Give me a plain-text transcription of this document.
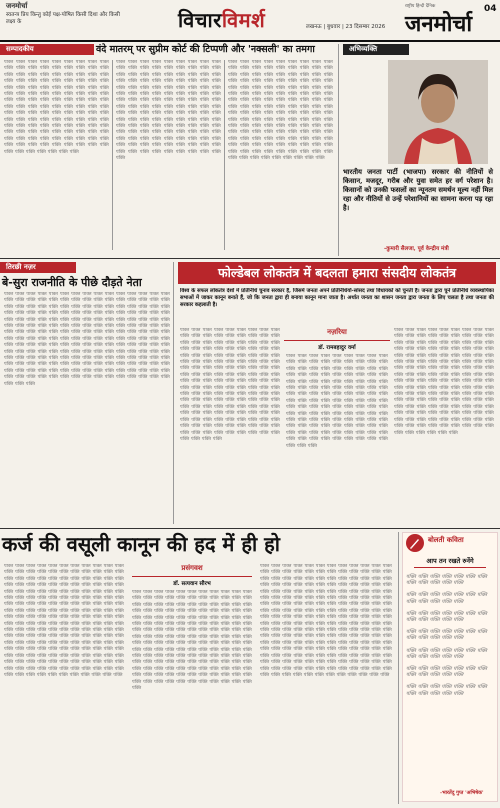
जनमोर्चा
स्वतन्त्र प्रिय किन्तु कोई पक्ष-पोषित किसी दिशा और किसी लक्ष्य के	विचारविमर्श	लखनऊ | बुधवार | 23 दिसम्बर 2026
राष्ट्रीय हिन्दी दैनिक
जनमोर्चा
04
सम्पादकीय	वंदे मातरम् पर सुप्रीम कोर्ट की टिप्पणी और 'नक्सली' का तमगा
पंक्ति पंक्ति पंक्ति पंक्ति पंक्ति पंक्ति पंक्ति पंक्ति पंक्ति पंक्ति पंक्ति पंक्ति पंक्ति पंक्ति पंक्ति पंक्ति पंक्ति पंक्ति पंक्ति पंक्ति पंक्ति पंक्ति पंक्ति पंक्ति पंक्ति पंक्ति पंक्ति पंक्ति पंक्ति पंक्ति पंक्ति पंक्ति पंक्ति पंक्ति पंक्ति पंक्ति पंक्ति पंक्ति पंक्ति पंक्ति पंक्ति पंक्ति पंक्ति पंक्ति पंक्ति पंक्ति पंक्ति पंक्ति पंक्ति पंक्ति पंक्ति पंक्ति पंक्ति पंक्ति पंक्ति पंक्ति पंक्ति पंक्ति पंक्ति पंक्ति पंक्ति पंक्ति पंक्ति पंक्ति पंक्ति पंक्ति पंक्ति पंक्ति पंक्ति पंक्ति पंक्ति पंक्ति पंक्ति पंक्ति पंक्ति पंक्ति पंक्ति पंक्ति पंक्ति पंक्ति पंक्ति पंक्ति पंक्ति पंक्ति पंक्ति पंक्ति पंक्ति पंक्ति पंक्ति पंक्ति पंक्ति पंक्ति पंक्ति पंक्ति पंक्ति पंक्ति पंक्ति पंक्ति पंक्ति पंक्ति पंक्ति पंक्ति पंक्ति पंक्ति पंक्ति पंक्ति पंक्ति पंक्ति पंक्ति पंक्ति पंक्ति पंक्ति पंक्ति पंक्ति पंक्ति पंक्ति पंक्ति पंक्ति पंक्ति पंक्ति पंक्ति पंक्ति पंक्ति पंक्ति पंक्ति पंक्ति पंक्ति पंक्ति पंक्ति पंक्ति पंक्ति पंक्ति पंक्ति
पंक्ति पंक्ति पंक्ति पंक्ति पंक्ति पंक्ति पंक्ति पंक्ति पंक्ति पंक्ति पंक्ति पंक्ति पंक्ति पंक्ति पंक्ति पंक्ति पंक्ति पंक्ति पंक्ति पंक्ति पंक्ति पंक्ति पंक्ति पंक्ति पंक्ति पंक्ति पंक्ति पंक्ति पंक्ति पंक्ति पंक्ति पंक्ति पंक्ति पंक्ति पंक्ति पंक्ति पंक्ति पंक्ति पंक्ति पंक्ति पंक्ति पंक्ति पंक्ति पंक्ति पंक्ति पंक्ति पंक्ति पंक्ति पंक्ति पंक्ति पंक्ति पंक्ति पंक्ति पंक्ति पंक्ति पंक्ति पंक्ति पंक्ति पंक्ति पंक्ति पंक्ति पंक्ति पंक्ति पंक्ति पंक्ति पंक्ति पंक्ति पंक्ति पंक्ति पंक्ति पंक्ति पंक्ति पंक्ति पंक्ति पंक्ति पंक्ति पंक्ति पंक्ति पंक्ति पंक्ति पंक्ति पंक्ति पंक्ति पंक्ति पंक्ति पंक्ति पंक्ति पंक्ति पंक्ति पंक्ति पंक्ति पंक्ति पंक्ति पंक्ति पंक्ति पंक्ति पंक्ति पंक्ति पंक्ति पंक्ति पंक्ति पंक्ति पंक्ति पंक्ति पंक्ति पंक्ति पंक्ति पंक्ति पंक्ति पंक्ति पंक्ति पंक्ति पंक्ति पंक्ति पंक्ति पंक्ति पंक्ति पंक्ति पंक्ति पंक्ति पंक्ति पंक्ति पंक्ति पंक्ति पंक्ति पंक्ति पंक्ति पंक्ति पंक्ति पंक्ति पंक्ति पंक्ति पंक्ति पंक्ति पंक्ति पंक्ति
पंक्ति पंक्ति पंक्ति पंक्ति पंक्ति पंक्ति पंक्ति पंक्ति पंक्ति पंक्ति पंक्ति पंक्ति पंक्ति पंक्ति पंक्ति पंक्ति पंक्ति पंक्ति पंक्ति पंक्ति पंक्ति पंक्ति पंक्ति पंक्ति पंक्ति पंक्ति पंक्ति पंक्ति पंक्ति पंक्ति पंक्ति पंक्ति पंक्ति पंक्ति पंक्ति पंक्ति पंक्ति पंक्ति पंक्ति पंक्ति पंक्ति पंक्ति पंक्ति पंक्ति पंक्ति पंक्ति पंक्ति पंक्ति पंक्ति पंक्ति पंक्ति पंक्ति पंक्ति पंक्ति पंक्ति पंक्ति पंक्ति पंक्ति पंक्ति पंक्ति पंक्ति पंक्ति पंक्ति पंक्ति पंक्ति पंक्ति पंक्ति पंक्ति पंक्ति पंक्ति पंक्ति पंक्ति पंक्ति पंक्ति पंक्ति पंक्ति पंक्ति पंक्ति पंक्ति पंक्ति पंक्ति पंक्ति पंक्ति पंक्ति पंक्ति पंक्ति पंक्ति पंक्ति पंक्ति पंक्ति पंक्ति पंक्ति पंक्ति पंक्ति पंक्ति पंक्ति पंक्ति पंक्ति पंक्ति पंक्ति पंक्ति पंक्ति पंक्ति पंक्ति पंक्ति पंक्ति पंक्ति पंक्ति पंक्ति पंक्ति पंक्ति पंक्ति पंक्ति पंक्ति पंक्ति पंक्ति पंक्ति पंक्ति पंक्ति पंक्ति पंक्ति पंक्ति पंक्ति पंक्ति पंक्ति पंक्ति पंक्ति पंक्ति पंक्ति पंक्ति पंक्ति पंक्ति पंक्ति पंक्ति पंक्ति पंक्ति पंक्ति पंक्ति पंक्ति पंक्ति पंक्ति पंक्ति पंक्ति पंक्ति
अभिव्यक्ति
भारतीय जनता पार्टी (भाजपा) सरकार की नीतियों से किसान, मजदूर, गरीब और युवा समेत हर वर्ग परेशान है। किसानों को उनकी फसलों का न्यूनतम समर्थन मूल्य नहीं मिल रहा और नीतियों से उन्हें परेशानियों का सामना करना पड़ रहा है।
-कुमारी सैलजा, पूर्व केन्द्रीय मंत्री
तिरछी नज़र
बे-सुरा राजनीति के पीछे दौड़ते नेता
पंक्ति पंक्ति पंक्ति पंक्ति पंक्ति पंक्ति पंक्ति पंक्ति पंक्ति पंक्ति पंक्ति पंक्ति पंक्ति पंक्ति पंक्ति पंक्ति पंक्ति पंक्ति पंक्ति पंक्ति पंक्ति पंक्ति पंक्ति पंक्ति पंक्ति पंक्ति पंक्ति पंक्ति पंक्ति पंक्ति पंक्ति पंक्ति पंक्ति पंक्ति पंक्ति पंक्ति पंक्ति पंक्ति पंक्ति पंक्ति पंक्ति पंक्ति पंक्ति पंक्ति पंक्ति पंक्ति पंक्ति पंक्ति पंक्ति पंक्ति पंक्ति पंक्ति पंक्ति पंक्ति पंक्ति पंक्ति पंक्ति पंक्ति पंक्ति पंक्ति पंक्ति पंक्ति पंक्ति पंक्ति पंक्ति पंक्ति पंक्ति पंक्ति पंक्ति पंक्ति पंक्ति पंक्ति पंक्ति पंक्ति पंक्ति पंक्ति पंक्ति पंक्ति पंक्ति पंक्ति पंक्ति पंक्ति पंक्ति पंक्ति पंक्ति पंक्ति पंक्ति पंक्ति पंक्ति पंक्ति पंक्ति पंक्ति पंक्ति पंक्ति पंक्ति पंक्ति पंक्ति पंक्ति पंक्ति पंक्ति पंक्ति पंक्ति पंक्ति पंक्ति पंक्ति पंक्ति पंक्ति पंक्ति पंक्ति पंक्ति पंक्ति पंक्ति पंक्ति पंक्ति पंक्ति पंक्ति पंक्ति पंक्ति पंक्ति पंक्ति पंक्ति पंक्ति पंक्ति पंक्ति पंक्ति पंक्ति पंक्ति पंक्ति पंक्ति पंक्ति पंक्ति पंक्ति पंक्ति पंक्ति पंक्ति पंक्ति पंक्ति पंक्ति पंक्ति पंक्ति पंक्ति पंक्ति पंक्ति पंक्ति पंक्ति पंक्ति पंक्ति पंक्ति पंक्ति पंक्ति पंक्ति पंक्ति पंक्ति पंक्ति पंक्ति पंक्ति पंक्ति पंक्ति पंक्ति पंक्ति पंक्ति पंक्ति पंक्ति पंक्ति पंक्ति पंक्ति पंक्ति पंक्ति पंक्ति पंक्ति पंक्ति पंक्ति पंक्ति पंक्ति पंक्ति पंक्ति पंक्ति पंक्ति पंक्ति पंक्ति पंक्ति पंक्ति पंक्ति पंक्ति पंक्ति पंक्ति पंक्ति पंक्ति पंक्ति पंक्ति पंक्ति पंक्ति पंक्ति पंक्ति पंक्ति पंक्ति पंक्ति पंक्ति पंक्ति पंक्ति पंक्ति पंक्ति पंक्ति पंक्ति पंक्ति पंक्ति पंक्ति पंक्ति पंक्ति पंक्ति पंक्ति पंक्ति पंक्ति
फोल्डेबल लोकतंत्र में बदलता हमारा संसदीय लोकतंत्र
विश्व के सफल लोकतंत्र देशों में प्रतिनिधि चुनाव सरकार है, जिसमें जनता अपने प्रतिनिधियों-सांसद तथा विधायकों को चुनती है। जनता द्वारा चुने प्रतिनिधि व्यवस्थापिका सभाओं में जाकर कानून बनाते हैं, जो कि जनता द्वारा ही बनाया कानून माना जाता है। अर्थात जनता का शासन जनता द्वारा जनता के लिए चलता है तथा जनता की सरकार कहलाती है।
पंक्ति पंक्ति पंक्ति पंक्ति पंक्ति पंक्ति पंक्ति पंक्ति पंक्ति पंक्ति पंक्ति पंक्ति पंक्ति पंक्ति पंक्ति पंक्ति पंक्ति पंक्ति पंक्ति पंक्ति पंक्ति पंक्ति पंक्ति पंक्ति पंक्ति पंक्ति पंक्ति पंक्ति पंक्ति पंक्ति पंक्ति पंक्ति पंक्ति पंक्ति पंक्ति पंक्ति पंक्ति पंक्ति पंक्ति पंक्ति पंक्ति पंक्ति पंक्ति पंक्ति पंक्ति पंक्ति पंक्ति पंक्ति पंक्ति पंक्ति पंक्ति पंक्ति पंक्ति पंक्ति पंक्ति पंक्ति पंक्ति पंक्ति पंक्ति पंक्ति पंक्ति पंक्ति पंक्ति पंक्ति पंक्ति पंक्ति पंक्ति पंक्ति पंक्ति पंक्ति पंक्ति पंक्ति पंक्ति पंक्ति पंक्ति पंक्ति पंक्ति पंक्ति पंक्ति पंक्ति पंक्ति पंक्ति पंक्ति पंक्ति पंक्ति पंक्ति पंक्ति पंक्ति पंक्ति पंक्ति पंक्ति पंक्ति पंक्ति पंक्ति पंक्ति पंक्ति पंक्ति पंक्ति पंक्ति पंक्ति पंक्ति पंक्ति पंक्ति पंक्ति पंक्ति पंक्ति पंक्ति पंक्ति पंक्ति पंक्ति पंक्ति पंक्ति पंक्ति पंक्ति पंक्ति पंक्ति पंक्ति पंक्ति पंक्ति पंक्ति पंक्ति पंक्ति पंक्ति पंक्ति पंक्ति पंक्ति पंक्ति पंक्ति पंक्ति पंक्ति पंक्ति पंक्ति पंक्ति पंक्ति पंक्ति पंक्ति पंक्ति पंक्ति पंक्ति पंक्ति पंक्ति पंक्ति पंक्ति पंक्ति पंक्ति पंक्ति पंक्ति पंक्ति पंक्ति पंक्ति पंक्ति पंक्ति पंक्ति पंक्ति पंक्ति पंक्ति पंक्ति
नज़रिया
डॉ. रामबहादुर वर्मा
पंक्ति पंक्ति पंक्ति पंक्ति पंक्ति पंक्ति पंक्ति पंक्ति पंक्ति पंक्ति पंक्ति पंक्ति पंक्ति पंक्ति पंक्ति पंक्ति पंक्ति पंक्ति पंक्ति पंक्ति पंक्ति पंक्ति पंक्ति पंक्ति पंक्ति पंक्ति पंक्ति पंक्ति पंक्ति पंक्ति पंक्ति पंक्ति पंक्ति पंक्ति पंक्ति पंक्ति पंक्ति पंक्ति पंक्ति पंक्ति पंक्ति पंक्ति पंक्ति पंक्ति पंक्ति पंक्ति पंक्ति पंक्ति पंक्ति पंक्ति पंक्ति पंक्ति पंक्ति पंक्ति पंक्ति पंक्ति पंक्ति पंक्ति पंक्ति पंक्ति पंक्ति पंक्ति पंक्ति पंक्ति पंक्ति पंक्ति पंक्ति पंक्ति पंक्ति पंक्ति पंक्ति पंक्ति पंक्ति पंक्ति पंक्ति पंक्ति पंक्ति पंक्ति पंक्ति पंक्ति पंक्ति पंक्ति पंक्ति पंक्ति पंक्ति पंक्ति पंक्ति पंक्ति पंक्ति पंक्ति पंक्ति पंक्ति पंक्ति पंक्ति पंक्ति पंक्ति पंक्ति पंक्ति पंक्ति पंक्ति पंक्ति पंक्ति पंक्ति पंक्ति पंक्ति पंक्ति पंक्ति पंक्ति पंक्ति पंक्ति पंक्ति पंक्ति पंक्ति पंक्ति पंक्ति पंक्ति पंक्ति पंक्ति पंक्ति पंक्ति पंक्ति पंक्ति पंक्ति पंक्ति पंक्ति पंक्ति पंक्ति पंक्ति पंक्ति
पंक्ति पंक्ति पंक्ति पंक्ति पंक्ति पंक्ति पंक्ति पंक्ति पंक्ति पंक्ति पंक्ति पंक्ति पंक्ति पंक्ति पंक्ति पंक्ति पंक्ति पंक्ति पंक्ति पंक्ति पंक्ति पंक्ति पंक्ति पंक्ति पंक्ति पंक्ति पंक्ति पंक्ति पंक्ति पंक्ति पंक्ति पंक्ति पंक्ति पंक्ति पंक्ति पंक्ति पंक्ति पंक्ति पंक्ति पंक्ति पंक्ति पंक्ति पंक्ति पंक्ति पंक्ति पंक्ति पंक्ति पंक्ति पंक्ति पंक्ति पंक्ति पंक्ति पंक्ति पंक्ति पंक्ति पंक्ति पंक्ति पंक्ति पंक्ति पंक्ति पंक्ति पंक्ति पंक्ति पंक्ति पंक्ति पंक्ति पंक्ति पंक्ति पंक्ति पंक्ति पंक्ति पंक्ति पंक्ति पंक्ति पंक्ति पंक्ति पंक्ति पंक्ति पंक्ति पंक्ति पंक्ति पंक्ति पंक्ति पंक्ति पंक्ति पंक्ति पंक्ति पंक्ति पंक्ति पंक्ति पंक्ति पंक्ति पंक्ति पंक्ति पंक्ति पंक्ति पंक्ति पंक्ति पंक्ति पंक्ति पंक्ति पंक्ति पंक्ति पंक्ति पंक्ति पंक्ति पंक्ति पंक्ति पंक्ति पंक्ति पंक्ति पंक्ति पंक्ति पंक्ति पंक्ति पंक्ति पंक्ति पंक्ति पंक्ति पंक्ति पंक्ति पंक्ति पंक्ति पंक्ति पंक्ति पंक्ति पंक्ति पंक्ति पंक्ति पंक्ति पंक्ति पंक्ति पंक्ति पंक्ति पंक्ति पंक्ति पंक्ति पंक्ति पंक्ति पंक्ति पंक्ति पंक्ति पंक्ति पंक्ति पंक्ति पंक्ति पंक्ति पंक्ति पंक्ति पंक्ति
कर्ज की वसूली कानून की हद में ही हो
पंक्ति पंक्ति पंक्ति पंक्ति पंक्ति पंक्ति पंक्ति पंक्ति पंक्ति पंक्ति पंक्ति पंक्ति पंक्ति पंक्ति पंक्ति पंक्ति पंक्ति पंक्ति पंक्ति पंक्ति पंक्ति पंक्ति पंक्ति पंक्ति पंक्ति पंक्ति पंक्ति पंक्ति पंक्ति पंक्ति पंक्ति पंक्ति पंक्ति पंक्ति पंक्ति पंक्ति पंक्ति पंक्ति पंक्ति पंक्ति पंक्ति पंक्ति पंक्ति पंक्ति पंक्ति पंक्ति पंक्ति पंक्ति पंक्ति पंक्ति पंक्ति पंक्ति पंक्ति पंक्ति पंक्ति पंक्ति पंक्ति पंक्ति पंक्ति पंक्ति पंक्ति पंक्ति पंक्ति पंक्ति पंक्ति पंक्ति पंक्ति पंक्ति पंक्ति पंक्ति पंक्ति पंक्ति पंक्ति पंक्ति पंक्ति पंक्ति पंक्ति पंक्ति पंक्ति पंक्ति पंक्ति पंक्ति पंक्ति पंक्ति पंक्ति पंक्ति पंक्ति पंक्ति पंक्ति पंक्ति पंक्ति पंक्ति पंक्ति पंक्ति पंक्ति पंक्ति पंक्ति पंक्ति पंक्ति पंक्ति पंक्ति पंक्ति पंक्ति पंक्ति पंक्ति पंक्ति पंक्ति पंक्ति पंक्ति पंक्ति पंक्ति पंक्ति पंक्ति पंक्ति पंक्ति पंक्ति पंक्ति पंक्ति पंक्ति पंक्ति पंक्ति पंक्ति पंक्ति पंक्ति पंक्ति पंक्ति पंक्ति पंक्ति पंक्ति पंक्ति पंक्ति पंक्ति पंक्ति पंक्ति पंक्ति पंक्ति पंक्ति पंक्ति पंक्ति पंक्ति पंक्ति पंक्ति पंक्ति पंक्ति पंक्ति पंक्ति पंक्ति पंक्ति पंक्ति पंक्ति पंक्ति पंक्ति पंक्ति पंक्ति पंक्ति पंक्ति पंक्ति पंक्ति पंक्ति पंक्ति पंक्ति पंक्ति पंक्ति पंक्ति पंक्ति पंक्ति पंक्ति पंक्ति पंक्ति पंक्ति पंक्ति पंक्ति पंक्ति पंक्ति पंक्ति पंक्ति पंक्ति पंक्ति पंक्ति पंक्ति पंक्ति पंक्ति पंक्ति पंक्ति पंक्ति पंक्ति पंक्ति पंक्ति पंक्ति पंक्ति पंक्ति पंक्ति पंक्ति पंक्ति पंक्ति पंक्ति पंक्ति पंक्ति
प्रसंगवश
डॉ. सत्यवान सौरभ
पंक्ति पंक्ति पंक्ति पंक्ति पंक्ति पंक्ति पंक्ति पंक्ति पंक्ति पंक्ति पंक्ति पंक्ति पंक्ति पंक्ति पंक्ति पंक्ति पंक्ति पंक्ति पंक्ति पंक्ति पंक्ति पंक्ति पंक्ति पंक्ति पंक्ति पंक्ति पंक्ति पंक्ति पंक्ति पंक्ति पंक्ति पंक्ति पंक्ति पंक्ति पंक्ति पंक्ति पंक्ति पंक्ति पंक्ति पंक्ति पंक्ति पंक्ति पंक्ति पंक्ति पंक्ति पंक्ति पंक्ति पंक्ति पंक्ति पंक्ति पंक्ति पंक्ति पंक्ति पंक्ति पंक्ति पंक्ति पंक्ति पंक्ति पंक्ति पंक्ति पंक्ति पंक्ति पंक्ति पंक्ति पंक्ति पंक्ति पंक्ति पंक्ति पंक्ति पंक्ति पंक्ति पंक्ति पंक्ति पंक्ति पंक्ति पंक्ति पंक्ति पंक्ति पंक्ति पंक्ति पंक्ति पंक्ति पंक्ति पंक्ति पंक्ति पंक्ति पंक्ति पंक्ति पंक्ति पंक्ति पंक्ति पंक्ति पंक्ति पंक्ति पंक्ति पंक्ति पंक्ति पंक्ति पंक्ति पंक्ति पंक्ति पंक्ति पंक्ति पंक्ति पंक्ति पंक्ति पंक्ति पंक्ति पंक्ति पंक्ति पंक्ति पंक्ति पंक्ति पंक्ति पंक्ति पंक्ति पंक्ति पंक्ति पंक्ति पंक्ति पंक्ति पंक्ति पंक्ति पंक्ति पंक्ति पंक्ति पंक्ति पंक्ति पंक्ति पंक्ति पंक्ति पंक्ति पंक्ति पंक्ति पंक्ति पंक्ति पंक्ति पंक्ति पंक्ति पंक्ति पंक्ति पंक्ति पंक्ति पंक्ति पंक्ति पंक्ति पंक्ति पंक्ति पंक्ति पंक्ति पंक्ति पंक्ति पंक्ति पंक्ति पंक्ति पंक्ति पंक्ति पंक्ति पंक्ति पंक्ति पंक्ति पंक्ति पंक्ति पंक्ति पंक्ति पंक्ति
पंक्ति पंक्ति पंक्ति पंक्ति पंक्ति पंक्ति पंक्ति पंक्ति पंक्ति पंक्ति पंक्ति पंक्ति पंक्ति पंक्ति पंक्ति पंक्ति पंक्ति पंक्ति पंक्ति पंक्ति पंक्ति पंक्ति पंक्ति पंक्ति पंक्ति पंक्ति पंक्ति पंक्ति पंक्ति पंक्ति पंक्ति पंक्ति पंक्ति पंक्ति पंक्ति पंक्ति पंक्ति पंक्ति पंक्ति पंक्ति पंक्ति पंक्ति पंक्ति पंक्ति पंक्ति पंक्ति पंक्ति पंक्ति पंक्ति पंक्ति पंक्ति पंक्ति पंक्ति पंक्ति पंक्ति पंक्ति पंक्ति पंक्ति पंक्ति पंक्ति पंक्ति पंक्ति पंक्ति पंक्ति पंक्ति पंक्ति पंक्ति पंक्ति पंक्ति पंक्ति पंक्ति पंक्ति पंक्ति पंक्ति पंक्ति पंक्ति पंक्ति पंक्ति पंक्ति पंक्ति पंक्ति पंक्ति पंक्ति पंक्ति पंक्ति पंक्ति पंक्ति पंक्ति पंक्ति पंक्ति पंक्ति पंक्ति पंक्ति पंक्ति पंक्ति पंक्ति पंक्ति पंक्ति पंक्ति पंक्ति पंक्ति पंक्ति पंक्ति पंक्ति पंक्ति पंक्ति पंक्ति पंक्ति पंक्ति पंक्ति पंक्ति पंक्ति पंक्ति पंक्ति पंक्ति पंक्ति पंक्ति पंक्ति पंक्ति पंक्ति पंक्ति पंक्ति पंक्ति पंक्ति पंक्ति पंक्ति पंक्ति पंक्ति पंक्ति पंक्ति पंक्ति पंक्ति पंक्ति पंक्ति पंक्ति पंक्ति पंक्ति पंक्ति पंक्ति पंक्ति पंक्ति पंक्ति पंक्ति पंक्ति पंक्ति पंक्ति पंक्ति पंक्ति पंक्ति पंक्ति पंक्ति पंक्ति पंक्ति पंक्ति पंक्ति पंक्ति पंक्ति पंक्ति पंक्ति पंक्ति पंक्ति पंक्ति पंक्ति पंक्ति पंक्ति पंक्ति पंक्ति पंक्ति पंक्ति पंक्ति पंक्ति पंक्ति पंक्ति पंक्ति पंक्ति पंक्ति पंक्ति पंक्ति पंक्ति पंक्ति पंक्ति पंक्ति पंक्ति पंक्ति पंक्ति पंक्ति पंक्ति पंक्ति पंक्ति पंक्ति पंक्ति पंक्ति पंक्ति पंक्ति पंक्ति पंक्ति पंक्ति पंक्ति पंक्ति पंक्ति पंक्ति पंक्ति पंक्ति पंक्ति पंक्ति पंक्ति पंक्ति पंक्ति पंक्ति पंक्ति पंक्ति पंक्ति पंक्ति पंक्ति पंक्ति पंक्ति
बोलती कविता
आप तन रखते रुनेंगे
पंक्ति पंक्ति पंक्ति पंक्ति पंक्ति पंक्ति पंक्ति पंक्ति पंक्ति पंक्ति पंक्ति पंक्ति
पंक्ति पंक्ति पंक्ति पंक्ति पंक्ति पंक्ति पंक्ति पंक्ति पंक्ति पंक्ति पंक्ति पंक्ति
पंक्ति पंक्ति पंक्ति पंक्ति पंक्ति पंक्ति पंक्ति पंक्ति पंक्ति पंक्ति पंक्ति पंक्ति
पंक्ति पंक्ति पंक्ति पंक्ति पंक्ति पंक्ति पंक्ति पंक्ति पंक्ति पंक्ति पंक्ति पंक्ति
पंक्ति पंक्ति पंक्ति पंक्ति पंक्ति पंक्ति पंक्ति पंक्ति पंक्ति पंक्ति पंक्ति पंक्ति
पंक्ति पंक्ति पंक्ति पंक्ति पंक्ति पंक्ति पंक्ति पंक्ति पंक्ति पंक्ति पंक्ति पंक्ति
पंक्ति पंक्ति पंक्ति पंक्ति पंक्ति पंक्ति पंक्ति पंक्ति पंक्ति पंक्ति पंक्ति पंक्ति
-भारतेंदु गुप्त 'अभिषेक'
